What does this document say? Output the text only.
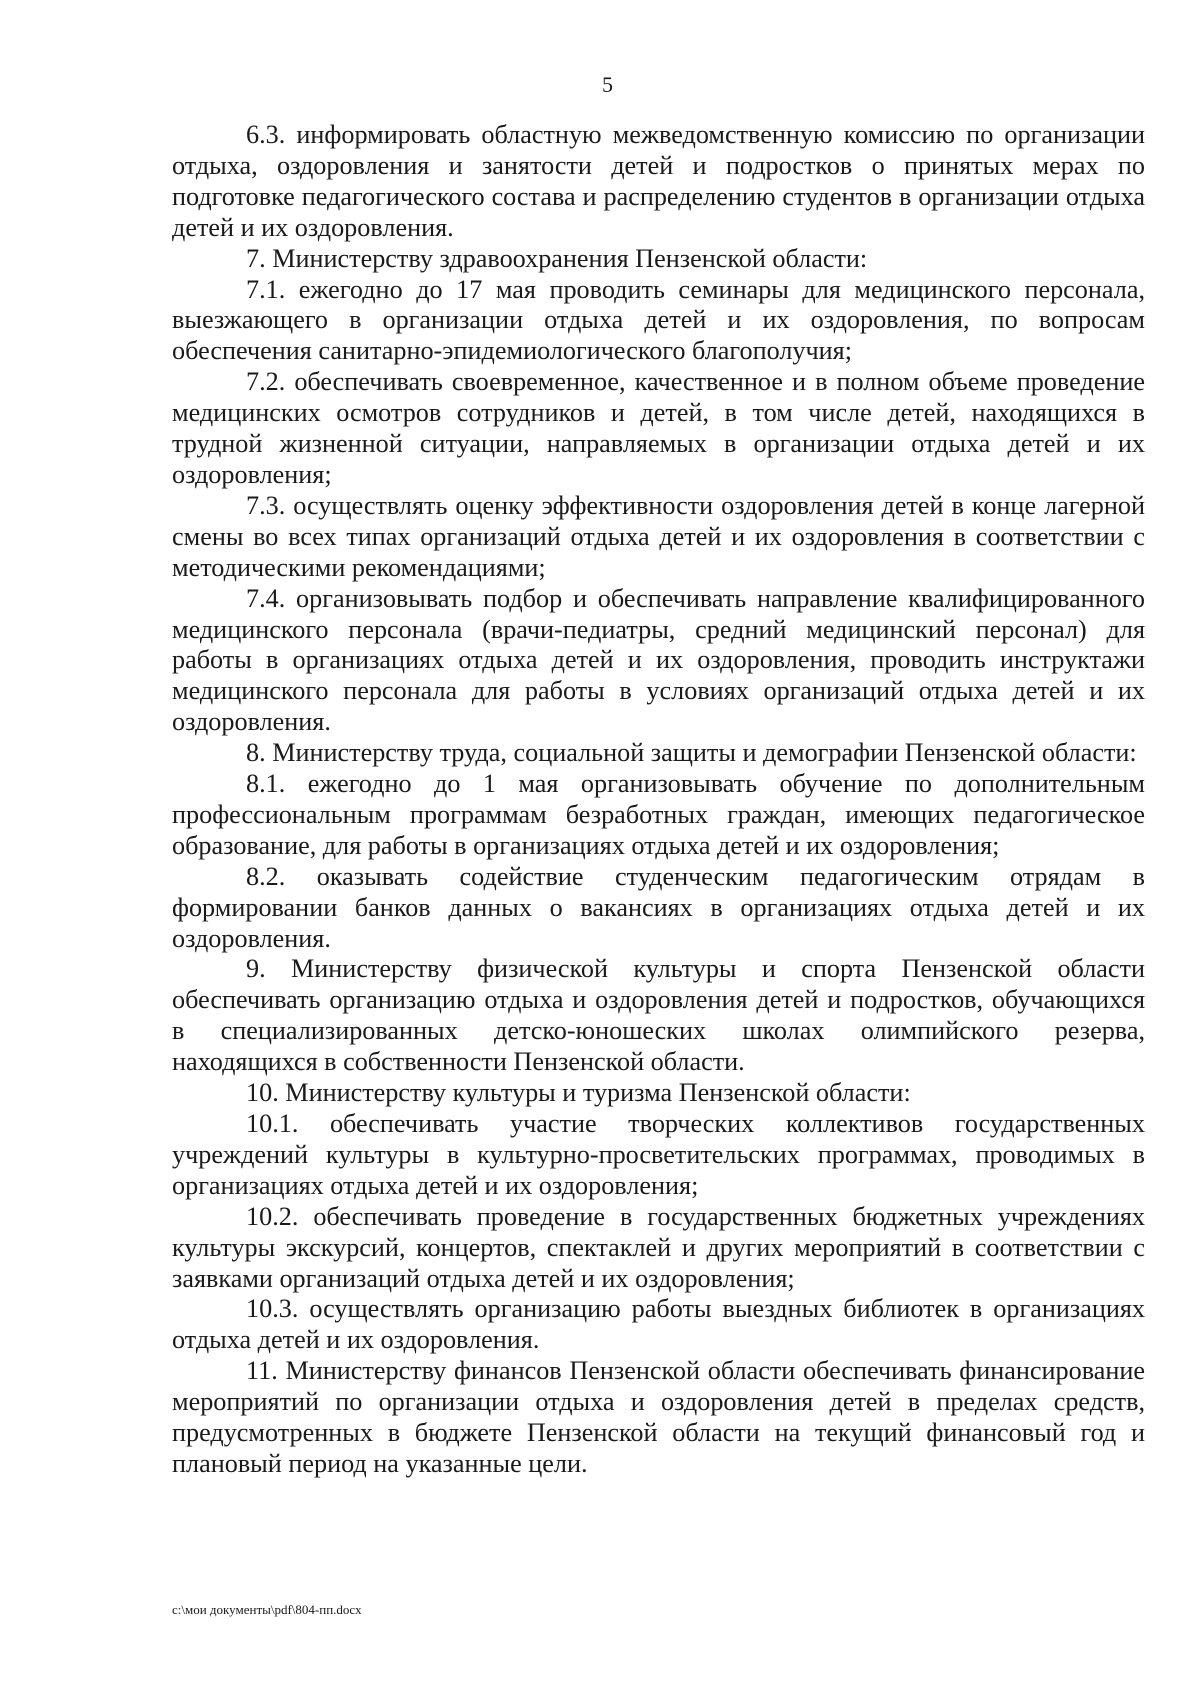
5

6.3. информировать областную межведомственную комиссию по организации отдыха, оздоровления и занятости детей и подростков о принятых мерах по подготовке педагогического состава и распределению студентов в организации отдыха детей и их оздоровления.

7. Министерству здравоохранения Пензенской области:

7.1. ежегодно до 17 мая проводить семинары для медицинского персонала, выезжающего в организации отдыха детей и их оздоровления, по вопросам обеспечения санитарно-эпидемиологического благополучия;

7.2. обеспечивать своевременное, качественное и в полном объеме проведение медицинских осмотров сотрудников и детей, в том числе детей, находящихся в трудной жизненной ситуации, направляемых в организации отдыха детей и их оздоровления;

7.3. осуществлять оценку эффективности оздоровления детей в конце лагерной смены во всех типах организаций отдыха детей и их оздоровления в соответствии с методическими рекомендациями;

7.4. организовывать подбор и обеспечивать направление квалифицированного медицинского персонала (врачи-педиатры, средний медицинский персонал) для работы в организациях отдыха детей и их оздоровления, проводить инструктажи медицинского персонала для работы в условиях организаций отдыха детей и их оздоровления.

8. Министерству труда, социальной защиты и демографии Пензенской области:

8.1. ежегодно до 1 мая организовывать обучение по дополнительным профессиональным программам безработных граждан, имеющих педагогическое образование, для работы в организациях отдыха детей и их оздоровления;

8.2. оказывать содействие студенческим педагогическим отрядам в формировании банков данных о вакансиях в организациях отдыха детей и их оздоровления.

9. Министерству физической культуры и спорта Пензенской области обеспечивать организацию отдыха и оздоровления детей и подростков, обучающихся в специализированных детско-юношеских школах олимпийского резерва, находящихся в собственности Пензенской области.

10. Министерству культуры и туризма Пензенской области:

10.1. обеспечивать участие творческих коллективов государственных учреждений культуры в культурно-просветительских программах, проводимых в организациях отдыха детей и их оздоровления;

10.2. обеспечивать проведение в государственных бюджетных учреждениях культуры экскурсий, концертов, спектаклей и других мероприятий в соответствии с заявками организаций отдыха детей и их оздоровления;

10.3. осуществлять организацию работы выездных библиотек в организациях отдыха детей и их оздоровления.

11. Министерству финансов Пензенской области обеспечивать финансирование мероприятий по организации отдыха и оздоровления детей в пределах средств, предусмотренных в бюджете Пензенской области на текущий финансовый год и плановый период на указанные цели.

c:\мои документы\pdf\804-пп.docx
